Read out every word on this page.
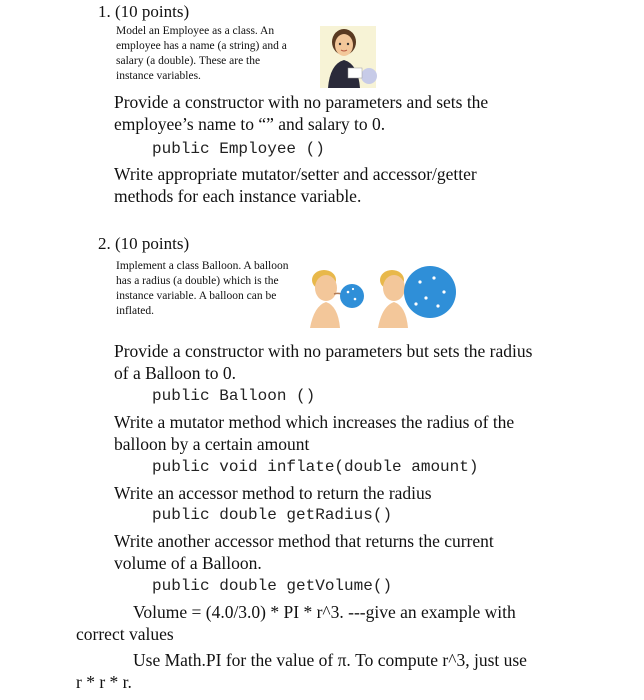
1. (10 points)
Model an Employee as a class. An
employee has a name (a string) and a
salary (a double). These are the
instance variables.
Provide a constructor with no parameters and sets the
employee’s name to “” and salary to 0.
public Employee ()
Write appropriate mutator/setter and accessor/getter
methods for each instance variable.
2. (10 points)
Implement a class Balloon. A balloon
has a radius (a double) which is the
instance variable. A balloon can be
inflated.
Provide a constructor with no parameters but sets the radius
of a Balloon to 0.
public Balloon ()
Write a mutator method which increases the radius of the
balloon by a certain amount
public void inflate(double amount)
Write an accessor method to return the radius
public double getRadius()
Write another accessor method that returns the current
volume of a Balloon.
public double getVolume()
Volume = (4.0/3.0) * PI * r^3. ---give an example with
correct values
Use Math.PI for the value of π. To compute r^3, just use
r * r * r.
